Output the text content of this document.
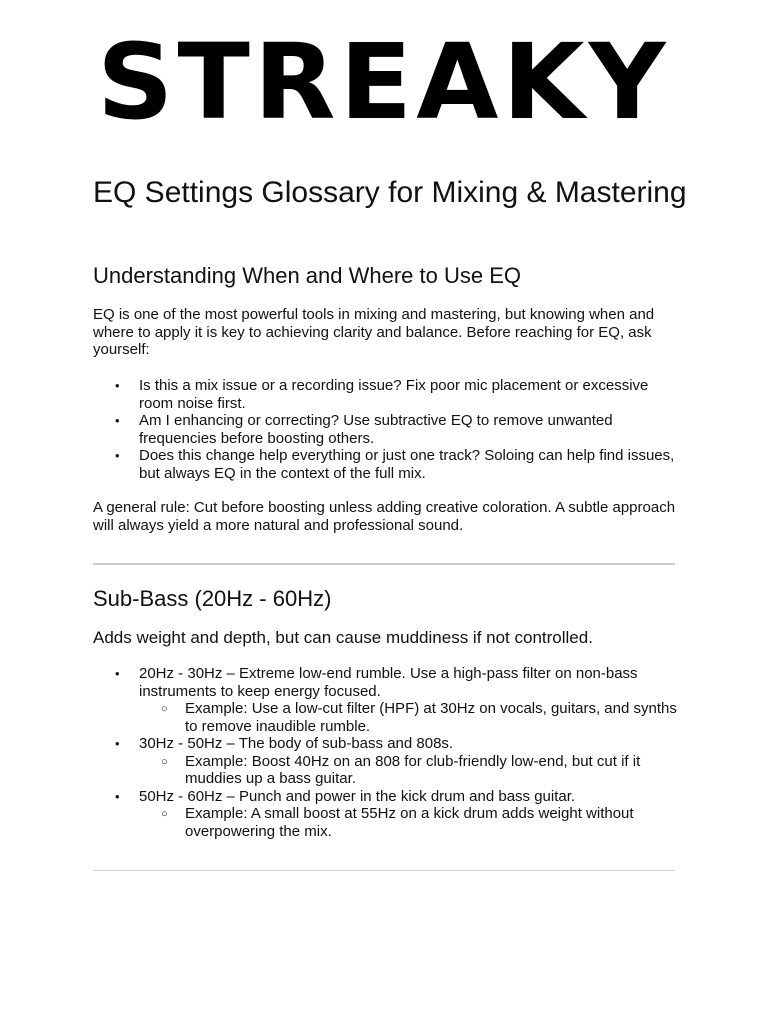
STREAKY
EQ Settings Glossary for Mixing & Mastering
Understanding When and Where to Use EQ

EQ is one of the most powerful tools in mixing and mastering, but knowing when and where to apply it is key to achieving clarity and balance. Before reaching for EQ, ask yourself:

• Is this a mix issue or a recording issue? Fix poor mic placement or excessive room noise first.
• Am I enhancing or correcting? Use subtractive EQ to remove unwanted frequencies before boosting others.
• Does this change help everything or just one track? Soloing can help find issues, but always EQ in the context of the full mix.

A general rule: Cut before boosting unless adding creative coloration. A subtle approach will always yield a more natural and professional sound.

Sub-Bass (20Hz - 60Hz)

Adds weight and depth, but can cause muddiness if not controlled.

• 20Hz - 30Hz – Extreme low-end rumble. Use a high-pass filter on non-bass instruments to keep energy focused.
○ Example: Use a low-cut filter (HPF) at 30Hz on vocals, guitars, and synths to remove inaudible rumble.
• 30Hz - 50Hz – The body of sub-bass and 808s.
○ Example: Boost 40Hz on an 808 for club-friendly low-end, but cut if it muddies up a bass guitar.
• 50Hz - 60Hz – Punch and power in the kick drum and bass guitar.
○ Example: A small boost at 55Hz on a kick drum adds weight without overpowering the mix.
